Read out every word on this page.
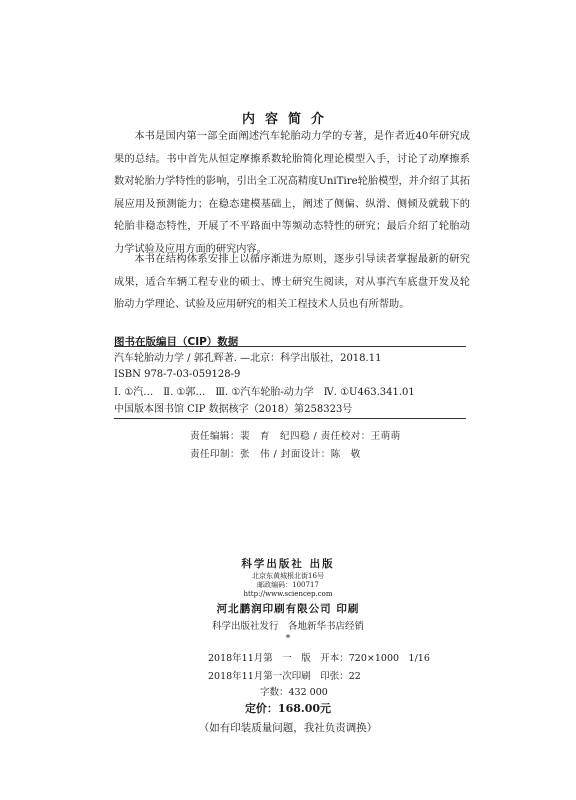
内容简介
本书是国内第一部全面阐述汽车轮胎动力学的专著，是作者近40年研究成果的总结。书中首先从恒定摩擦系数轮胎简化理论模型入手，讨论了动摩擦系数对轮胎力学特性的影响，引出全工况高精度UniTire轮胎模型，并介绍了其拓展应用及预测能力；在稳态建模基础上，阐述了侧偏、纵滑、侧倾及就载下的轮胎非稳态特性，开展了不平路面中等频动态特性的研究；最后介绍了轮胎动力学试验及应用方面的研究内容。
本书在结构体系安排上以循序渐进为原则，逐步引导读者掌握最新的研究成果，适合车辆工程专业的硕士、博士研究生阅读，对从事汽车底盘开发及轮胎动力学理论、试验及应用研究的相关工程技术人员也有所帮助。
图书在版编目（CIP）数据
汽车轮胎动力学 / 郭孔辉著. —北京：科学出版社，2018.11
ISBN 978-7-03-059128-9
Ⅰ. ①汽…　Ⅱ. ①郭…　Ⅲ. ①汽车轮胎-动力学　Ⅳ. ①U463.341.01
中国版本图书馆 CIP 数据核字（2018）第258323号
责任编辑：裴　育　纪四稳 / 责任校对：王萌萌
责任印制：张　伟 / 封面设计：陈　敬
科学出版社 出版
北京东黄城根北街16号
邮政编码：100717
http://www.sciencep.com
河北鹏润印刷有限公司 印刷
科学出版社发行　各地新华书店经销
*
2018年11月第　一　版　开本：720×1000　1/16
2018年11月第一次印刷　印张：22
字数：432 000
定价：168.00元
（如有印装质量问题，我社负责调换）
